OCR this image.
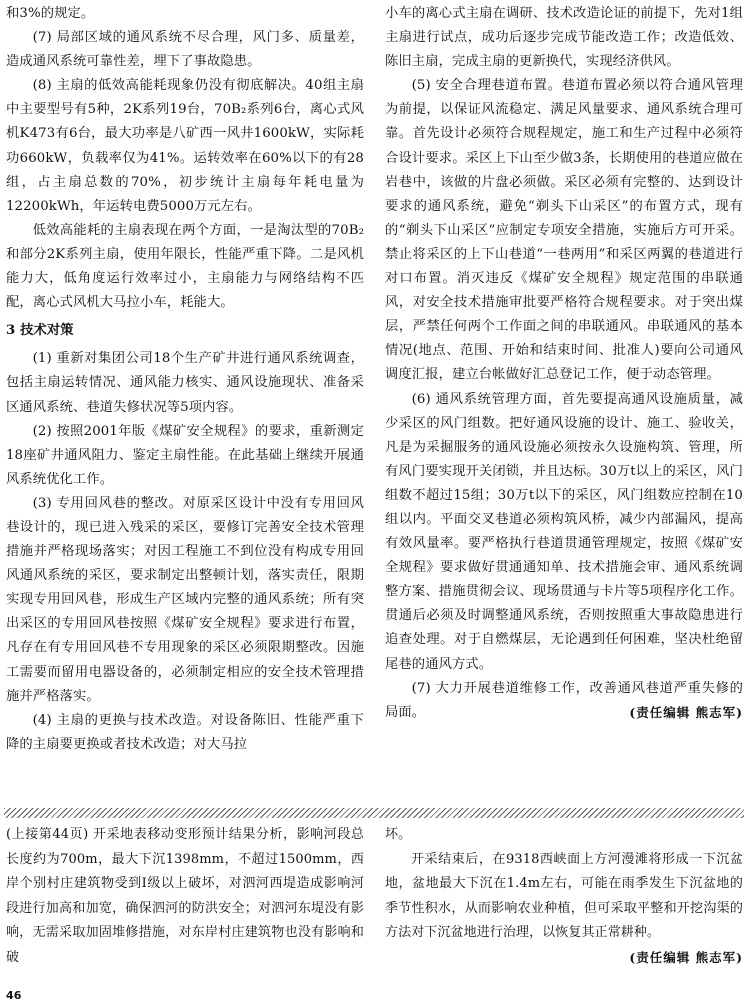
和3%的规定。

(7) 局部区域的通风系统不尽合理，风门多、质量差，造成通风系统可靠性差，埋下了事故隐患。

(8) 主扇的低效高能耗现象仍没有彻底解决。40组主扇中主要型号有5种，2K系列19台，70B₂系列6台，离心式风机K473有6台，最大功率是八矿西一风井1600kW，实际耗功660kW，负载率仅为41%。运转效率在60%以下的有28组，占主扇总数的70%，初步统计主扇每年耗电量为12200kWh，年运转电费5000万元左右。

低效高能耗的主扇表现在两个方面，一是淘汰型的70B₂和部分2K系列主扇，使用年限长，性能严重下降。二是风机能力大，低角度运行效率过小，主扇能力与网络结构不匹配，离心式风机大马拉小车，耗能大。

3 技术对策

(1) 重新对集团公司18个生产矿井进行通风系统调查，包括主扇运转情况、通风能力核实、通风设施现状、准备采区通风系统、巷道失修状况等5项内容。

(2) 按照2001年版《煤矿安全规程》的要求，重新测定18座矿井通风阻力、鉴定主扇性能。在此基础上继续开展通风系统优化工作。

(3) 专用回风巷的整改。对原采区设计中没有专用回风巷设计的，现已进入残采的采区，要修订完善安全技术管理措施并严格现场落实；对因工程施工不到位没有构成专用回风通风系统的采区，要求制定出整顿计划，落实责任，限期实现专用回风巷，形成生产区域内完整的通风系统；所有突出采区的专用回风巷按照《煤矿安全规程》要求进行布置，凡存在有专用回风巷不专用现象的采区必须限期整改。因施工需要而留用电器设备的，必须制定相应的安全技术管理措施并严格落实。

(4) 主扇的更换与技术改造。对设备陈旧、性能严重下降的主扇要更换或者技术改造；对大马拉

小车的离心式主扇在调研、技术改造论证的前提下，先对1组主扇进行试点，成功后逐步完成节能改造工作；改造低效、陈旧主扇，完成主扇的更新换代，实现经济供风。

(5) 安全合理巷道布置。巷道布置必须以符合通风管理为前提，以保证风流稳定、满足风量要求、通风系统合理可靠。首先设计必须符合规程规定，施工和生产过程中必须符合设计要求。采区上下山至少做3条，长期使用的巷道应做在岩巷中，该做的片盘必须做。采区必须有完整的、达到设计要求的通风系统，避免“剃头下山采区”的布置方式，现有的“剃头下山采区”应制定专项安全措施，实施后方可开采。禁止将采区的上下山巷道“一巷两用”和采区两翼的巷道进行对口布置。消灭违反《煤矿安全规程》规定范围的串联通风，对安全技术措施审批要严格符合规程要求。对于突出煤层，严禁任何两个工作面之间的串联通风。串联通风的基本情况(地点、范围、开始和结束时间、批准人)要向公司通风调度汇报，建立台帐做好汇总登记工作，便于动态管理。

(6) 通风系统管理方面，首先要提高通风设施质量，减少采区的风门组数。把好通风设施的设计、施工、验收关，凡是为采掘服务的通风设施必须按永久设施构筑、管理，所有风门要实现开关闭锁，并且达标。30万t以上的采区，风门组数不超过15组；30万t以下的采区，风门组数应控制在10组以内。平面交叉巷道必须构筑风桥，减少内部漏风，提高有效风量率。要严格执行巷道贯通管理规定，按照《煤矿安全规程》要求做好贯通通知单、技术措施会审、通风系统调整方案、措施贯彻会议、现场贯通与卡片等5项程序化工作。贯通后必须及时调整通风系统，否则按照重大事故隐患进行追查处理。对于自燃煤层，无论遇到任何困难，坚决杜绝留尾巷的通风方式。

(7) 大力开展巷道维修工作，改善通风巷道严重失修的局面。	(责任编辑 熊志军)

(上接第44页) 开采地表移动变形预计结果分析，影响河段总长度约为700m，最大下沉1398mm，不超过1500mm，西岸个别村庄建筑物受到Ⅰ级以上破坏，对泗河西堤造成影响河段进行加高和加宽，确保泗河的防洪安全；对泗河东堤没有影响，无需采取加固堆修措施，对东岸村庄建筑物也没有影响和破

坏。

开采结束后，在9318西峡面上方河漫滩将形成一下沉盆地，盆地最大下沉在1.4m左右，可能在雨季发生下沉盆地的季节性积水，从而影响农业种植，但可采取平整和开挖沟渠的方法对下沉盆地进行治理，以恢复其正常耕种。
(责任编辑 熊志军)

46
